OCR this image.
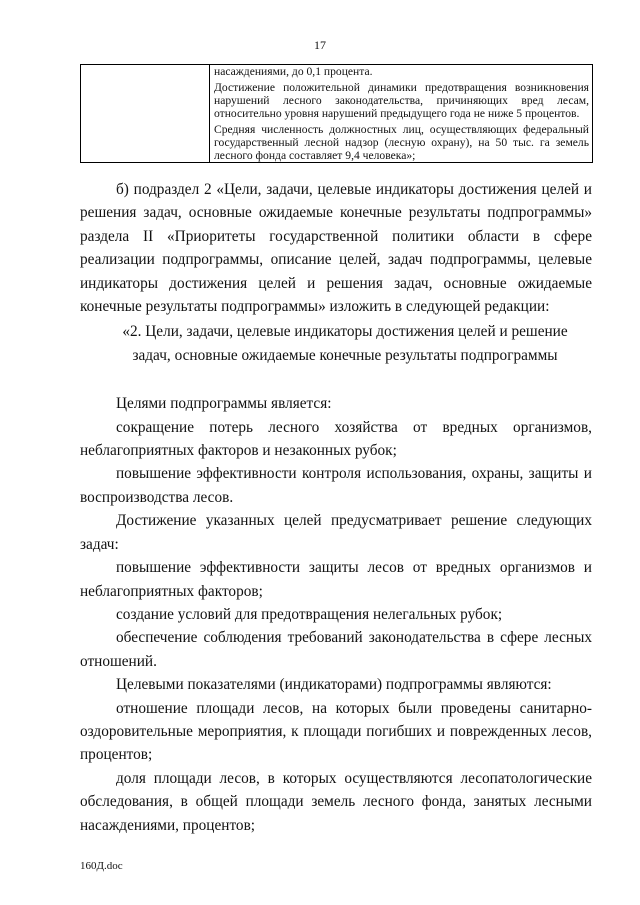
17

насаждениями, до 0,1 процента.
Достижение положительной динамики предотвращения возникновения нарушений лесного законодательства, причиняющих вред лесам, относительно уровня нарушений предыдущего года не ниже 5 процентов.
Средняя численность должностных лиц, осуществляющих федеральный государственный лесной надзор (лесную охрану), на 50 тыс. га земель лесного фонда составляет 9,4 человека»;

б) подраздел 2 «Цели, задачи, целевые индикаторы достижения целей и решения задач, основные ожидаемые конечные результаты подпрограммы» раздела II «Приоритеты государственной политики области в сфере реализации подпрограммы, описание целей, задач подпрограммы, целевые индикаторы достижения целей и решения задач, основные ожидаемые конечные результаты подпрограммы» изложить в следующей редакции:

«2. Цели, задачи, целевые индикаторы достижения целей и решение
задач, основные ожидаемые конечные результаты подпрограммы

Целями подпрограммы является:

сокращение потерь лесного хозяйства от вредных организмов, неблагоприятных факторов и незаконных рубок;

повышение эффективности контроля использования, охраны, защиты и воспроизводства лесов.

Достижение указанных целей предусматривает решение следующих задач:

повышение эффективности защиты лесов от вредных организмов и неблагоприятных факторов;

создание условий для предотвращения нелегальных рубок;

обеспечение соблюдения требований законодательства в сфере лесных отношений.

Целевыми показателями (индикаторами) подпрограммы являются:

отношение площади лесов, на которых были проведены санитарно-оздоровительные мероприятия, к площади погибших и поврежденных лесов, процентов;

доля площади лесов, в которых осуществляются лесопатологические обследования, в общей площади земель лесного фонда, занятых лесными насаждениями, процентов;

160Д.doc
